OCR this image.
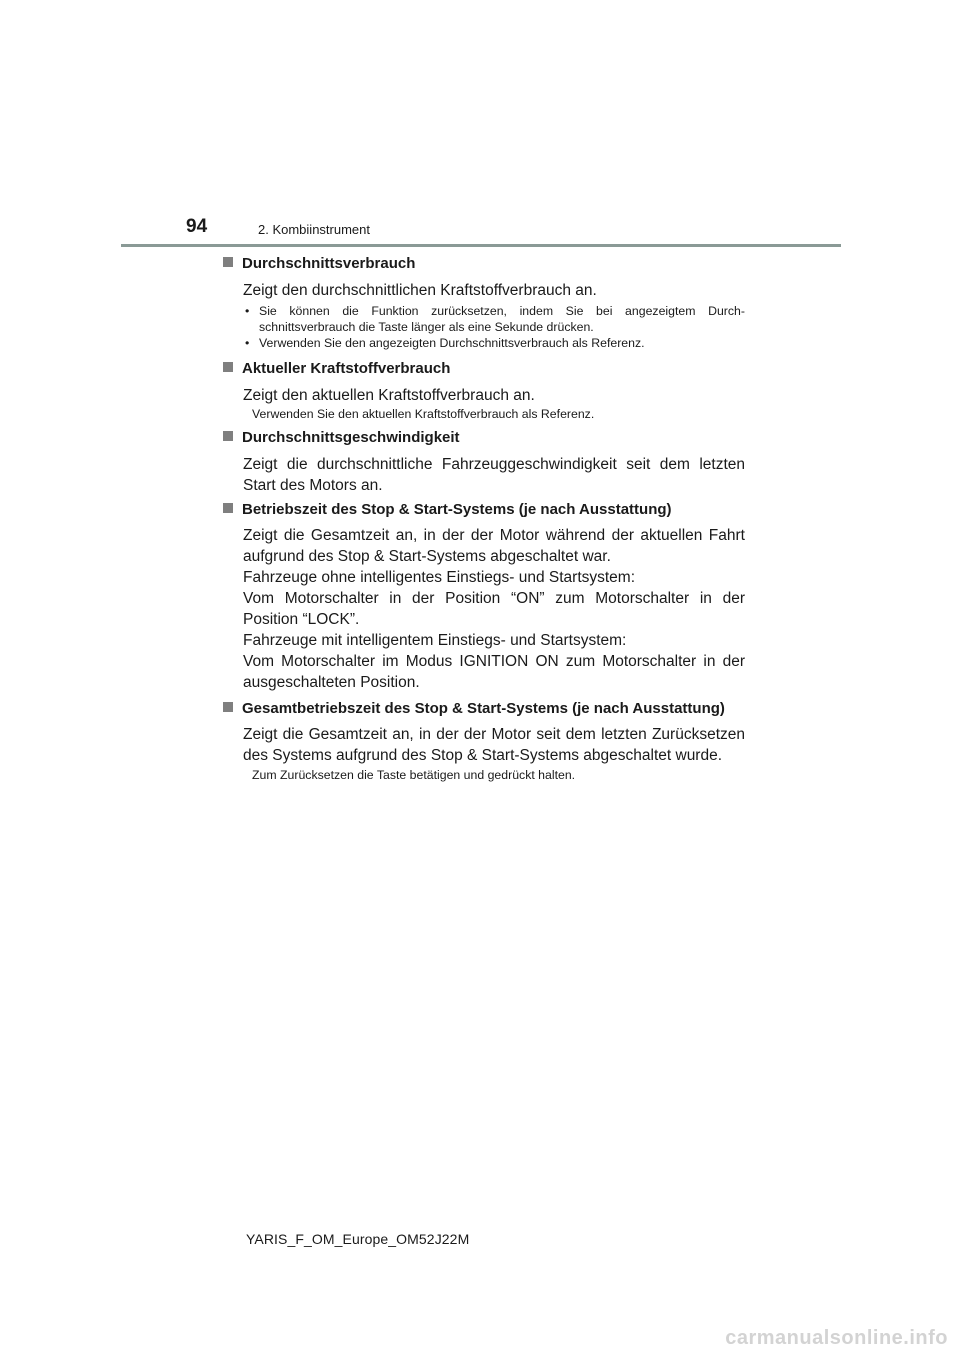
94	2. Kombiinstrument
Durchschnittsverbrauch
Zeigt den durchschnittlichen Kraftstoffverbrauch an.
• Sie können die Funktion zurücksetzen, indem Sie bei angezeigtem Durchschnittsverbrauch die Taste länger als eine Sekunde drücken.
• Verwenden Sie den angezeigten Durchschnittsverbrauch als Referenz.
Aktueller Kraftstoffverbrauch
Zeigt den aktuellen Kraftstoffverbrauch an.
Verwenden Sie den aktuellen Kraftstoffverbrauch als Referenz.
Durchschnittsgeschwindigkeit
Zeigt die durchschnittliche Fahrzeuggeschwindigkeit seit dem letzten Start des Motors an.
Betriebszeit des Stop & Start-Systems (je nach Ausstattung)
Zeigt die Gesamtzeit an, in der der Motor während der aktuellen Fahrt aufgrund des Stop & Start-Systems abgeschaltet war.
Fahrzeuge ohne intelligentes Einstiegs- und Startsystem:
Vom Motorschalter in der Position “ON” zum Motorschalter in der Position “LOCK”.
Fahrzeuge mit intelligentem Einstiegs- und Startsystem:
Vom Motorschalter im Modus IGNITION ON zum Motorschalter in der ausgeschalteten Position.
Gesamtbetriebszeit des Stop & Start-Systems (je nach Ausstattung)
Zeigt die Gesamtzeit an, in der der Motor seit dem letzten Zurücksetzen des Systems aufgrund des Stop & Start-Systems abgeschaltet wurde.
Zum Zurücksetzen die Taste betätigen und gedrückt halten.
YARIS_F_OM_Europe_OM52J22M
carmanualsonline.info
